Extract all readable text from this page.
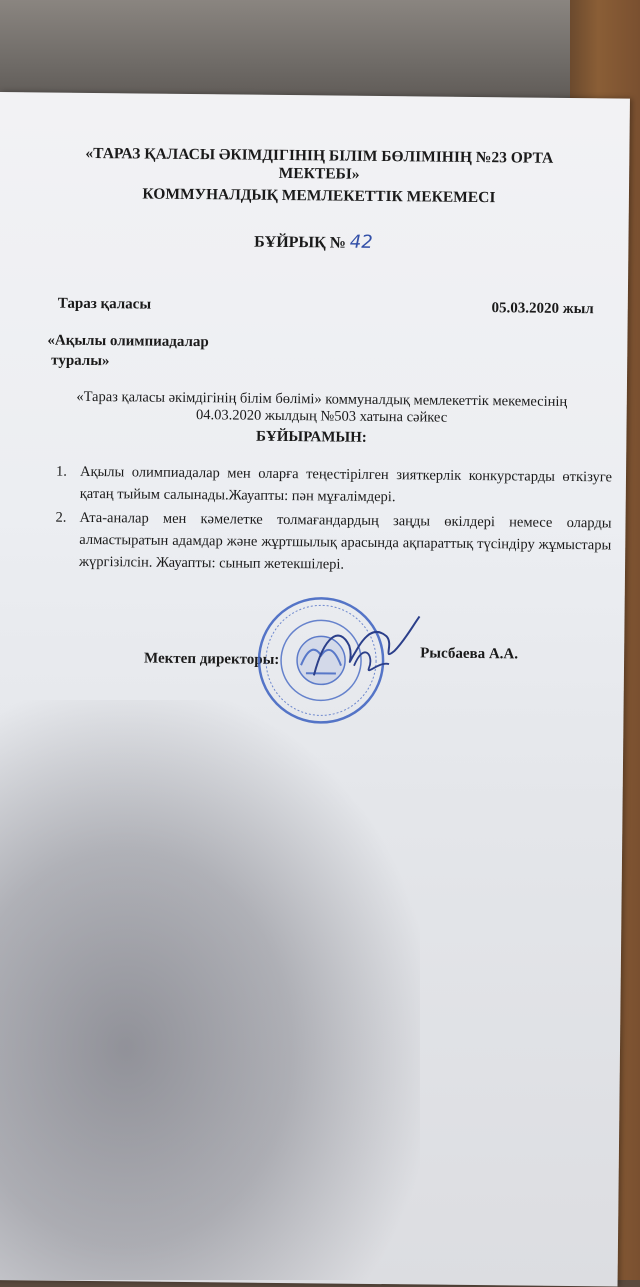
«ТАРАЗ ҚАЛАСЫ ӘКІМДІГІНІҢ БІЛІМ БӨЛІМІНІҢ №23 ОРТА
МЕКТЕБІ»
КОММУНАЛДЫҚ МЕМЛЕКЕТТІК МЕКЕМЕСІ
БҰЙРЫҚ № 42
Тараз қаласы	05.03.2020 жыл
«Ақылы олимпиадалар
туралы»
«Тараз қаласы әкімдігінің білім бөлімі» коммуналдық мемлекеттік мекемесінің
04.03.2020 жылдың №503 хатына сәйкес
БҰЙЫРАМЫН:
1. Ақылы олимпиадалар мен оларға теңестірілген зияткерлік конкурстарды өткізуге қатаң тыйым салынады.Жауапты: пән мұғалімдері.
2. Ата-аналар мен кәмелетке толмағандардың заңды өкілдері немесе оларды алмастыратын адамдар және жұртшылық арасында ақпараттық түсіндіру жұмыстары жүргізілсін. Жауапты: сынып жетекшілері.
Мектеп директоры:	Рысбаева А.А.
